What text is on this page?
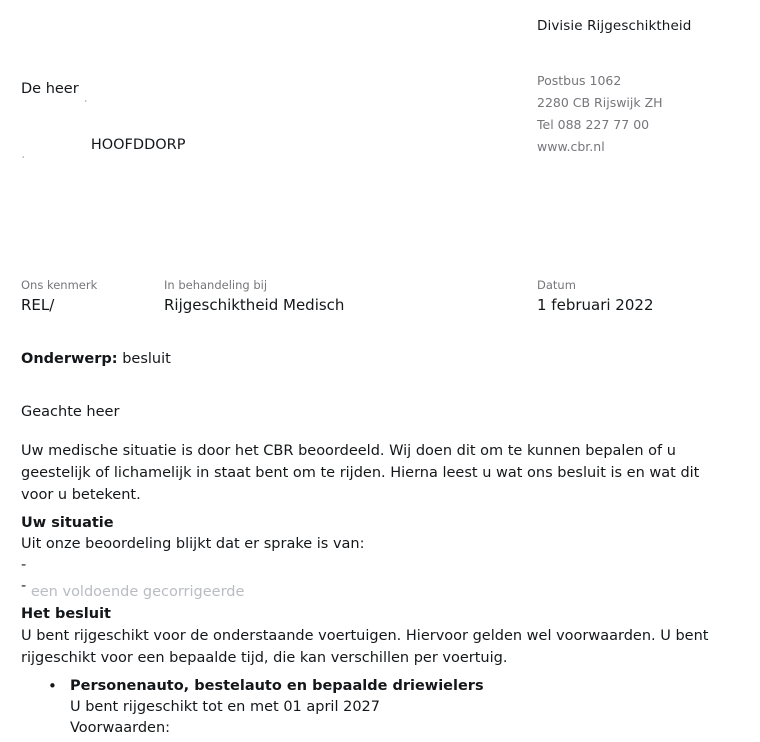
Divisie Rijgeschiktheid
Postbus 1062
2280 CB Rijswijk ZH
Tel 088 227 77 00
www.cbr.nl
De heer ·
·  HOOFDDORP
Ons kenmerk
REL/
In behandeling bij
Rijgeschiktheid Medisch
Datum
1 februari 2022
Onderwerp: besluit
Geachte heer
Uw medische situatie is door het CBR beoordeeld. Wij doen dit om te kunnen bepalen of u geestelijk of lichamelijk in staat bent om te rijden. Hierna leest u wat ons besluit is en wat dit voor u betekent.
Uw situatie

Uit onze beoordeling blijkt dat er sprake is van:

-
- een voldoende gecorrigeerde
Het besluit

U bent rijgeschikt voor de onderstaande voertuigen. Hiervoor gelden wel voorwaarden. U bent rijgeschikt voor een bepaalde tijd, die kan verschillen per voertuig.

• Personenauto, bestelauto en bepaalde driewielers
U bent rijgeschikt tot en met 01 april 2027
Voorwaarden:
